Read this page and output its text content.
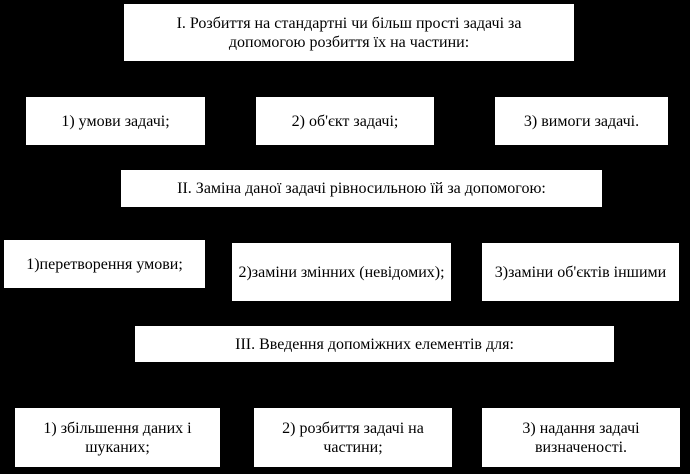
I. Розбиття на стандартні чи більш прості задачі за допомогою розбиття їх на частини:
1) умови задачі;	2) об'єкт задачі;	3) вимоги задачі.
ІІ. Заміна даної задачі рівносильною їй за допомогою:
1)перетворення умови;	2)заміни змінних (невідомих);	3)заміни об'єктів іншими
ІІІ. Введення допоміжних елементів для:
1) збільшення даних і шуканих;
2) розбиття задачі на частини;
3) надання задачі визначеності.
